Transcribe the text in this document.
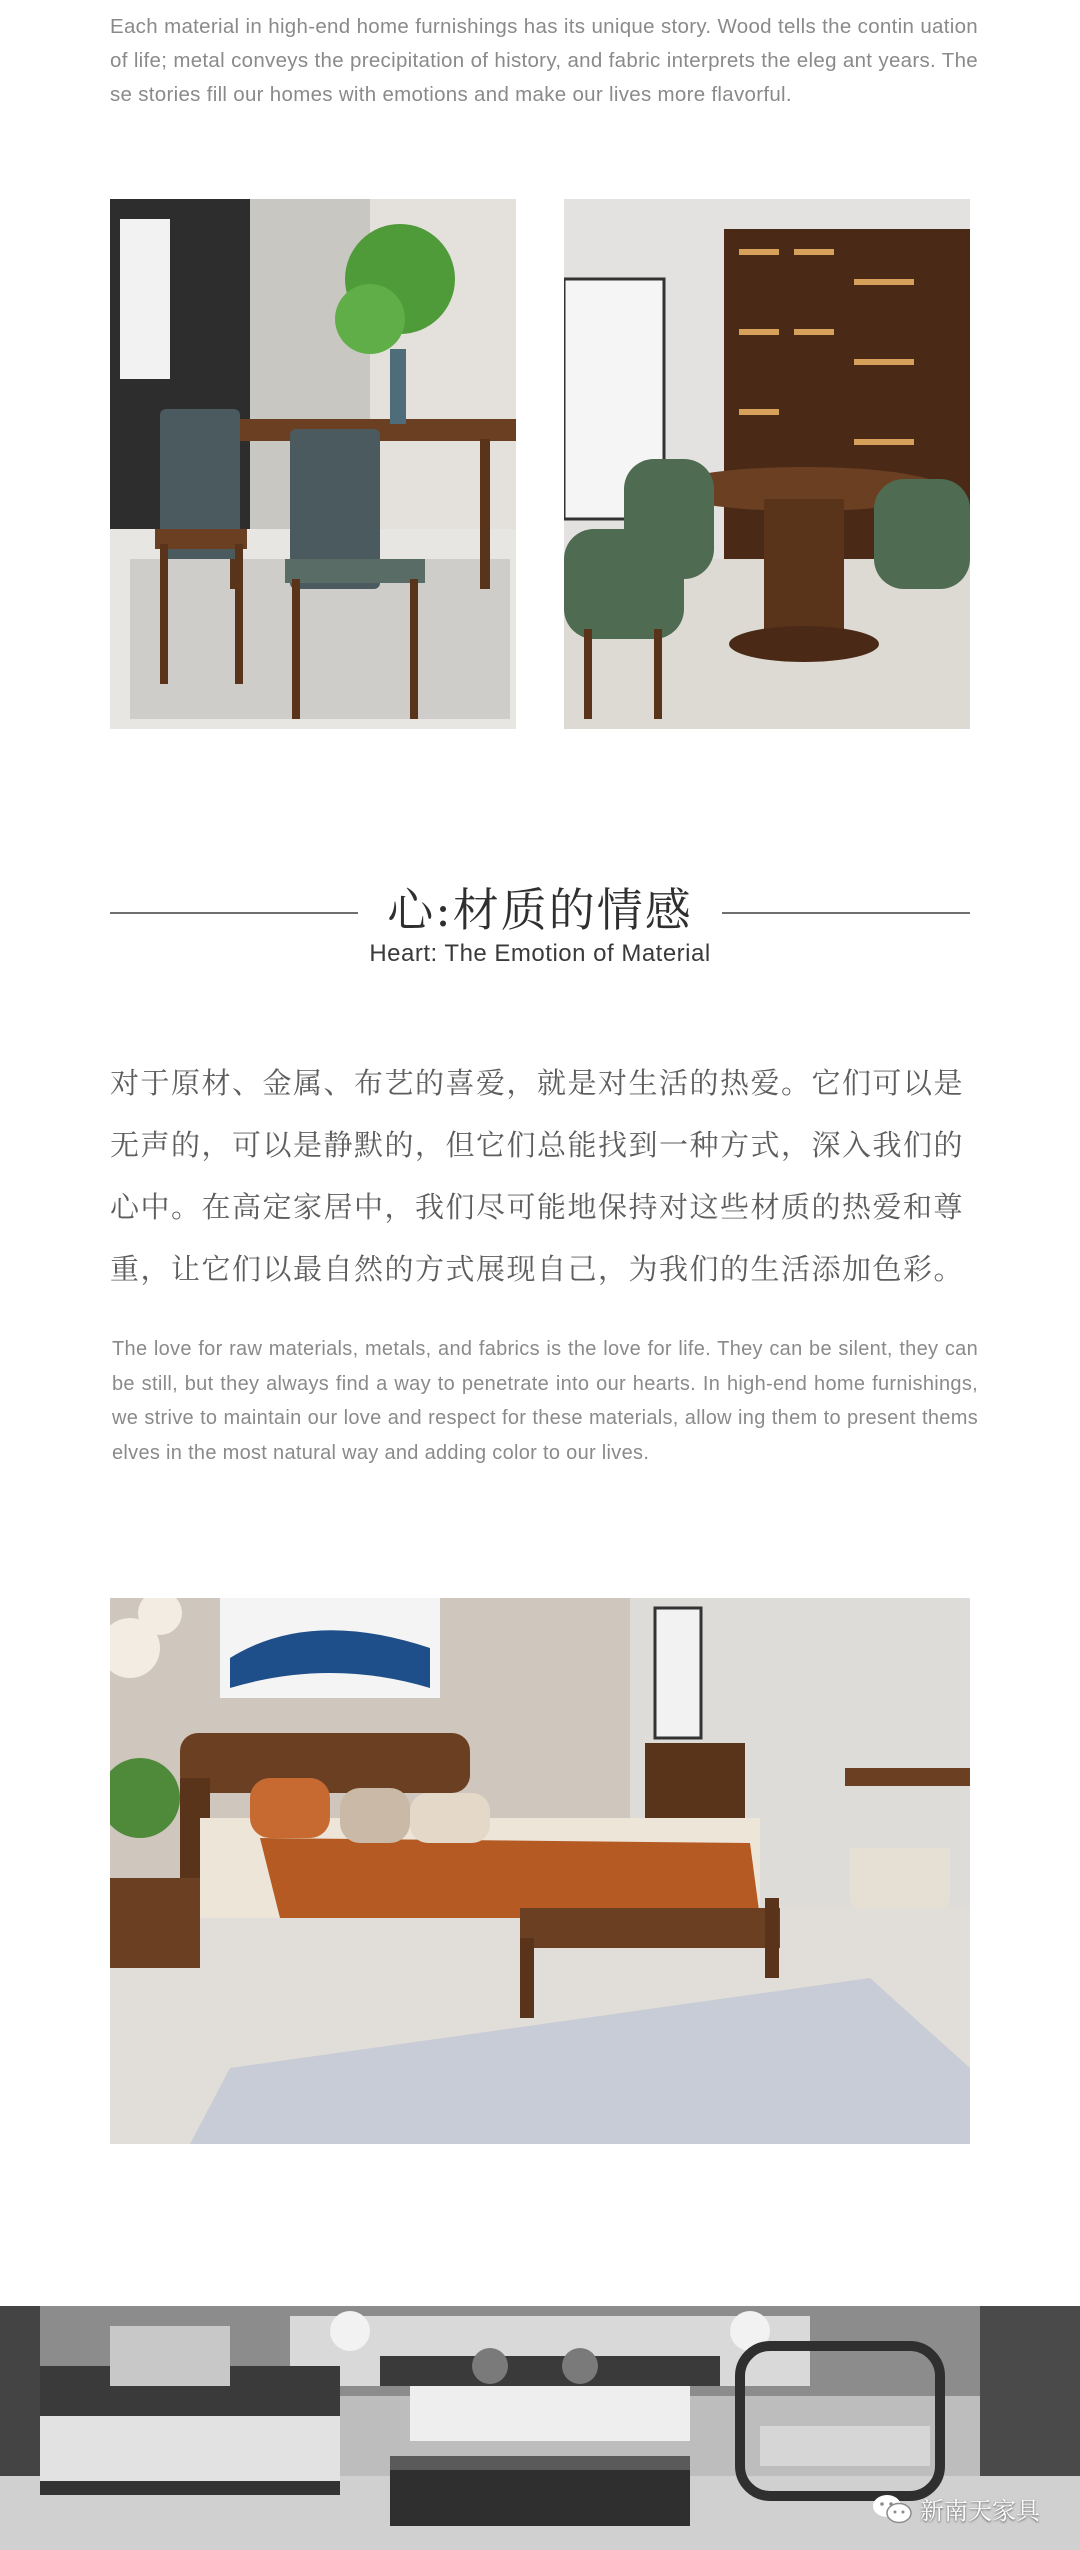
Each material in high-end home furnishings has its unique story. Wood tells the contin uation of life; metal conveys the precipitation of history, and fabric interprets the eleg ant years. These stories fill our homes with emotions and make our lives more flavorful.
心:材质的情感
Heart: The Emotion of Material
对于原材、金属、布艺的喜爱，就是对生活的热爱。它们可以是无声的，可以是静默的，但它们总能找到一种方式，深入我们的心中。在高定家居中，我们尽可能地保持对这些材质的热爱和尊重，让它们以最自然的方式展现自己，为我们的生活添加色彩。
The love for raw materials, metals, and fabrics is the love for life. They can be silent, they can be still, but they always find a way to penetrate into our hearts. In high-end home furnishings, we strive to maintain our love and respect for these materials, allow ing them to present themselves in the most natural way and adding color to our lives.
新南天家具
